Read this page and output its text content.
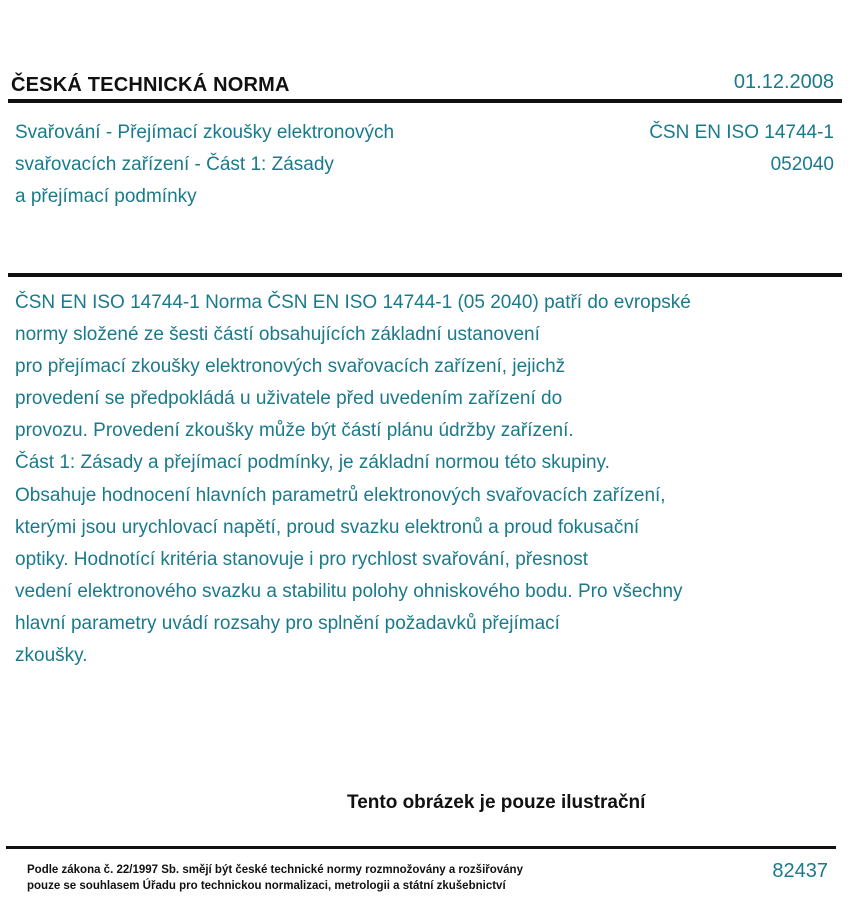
ČESKÁ TECHNICKÁ NORMA	01.12.2008
Svařování - Přejímací zkoušky elektronových
svařovacích zařízení - Část 1: Zásady
a přejímací podmínky
ČSN EN ISO 14744-1
052040
ČSN EN ISO 14744-1 Norma ČSN EN ISO 14744-1 (05 2040) patří do evropské
normy složené ze šesti částí obsahujících základní ustanovení
pro přejímací zkoušky elektronových svařovacích zařízení, jejichž
provedení se předpokládá u uživatele před uvedením zařízení do
provozu. Provedení zkoušky může být částí plánu údržby zařízení.
Část 1: Zásady a přejímací podmínky, je základní normou této skupiny.
Obsahuje hodnocení hlavních parametrů elektronových svařovacích zařízení,
kterými jsou urychlovací napětí, proud svazku elektronů a proud fokusační
optiky. Hodnotící kritéria stanovuje i pro rychlost svařování, přesnost
vedení elektronového svazku a stabilitu polohy ohniskového bodu. Pro všechny
hlavní parametry uvádí rozsahy pro splnění požadavků přejímací
zkoušky.
Tento obrázek je pouze ilustrační
Podle zákona č. 22/1997 Sb. smějí být české technické normy rozmnožovány a rozšiřovány
pouze se souhlasem Úřadu pro technickou normalizaci, metrologii a státní zkušebnictví
82437
